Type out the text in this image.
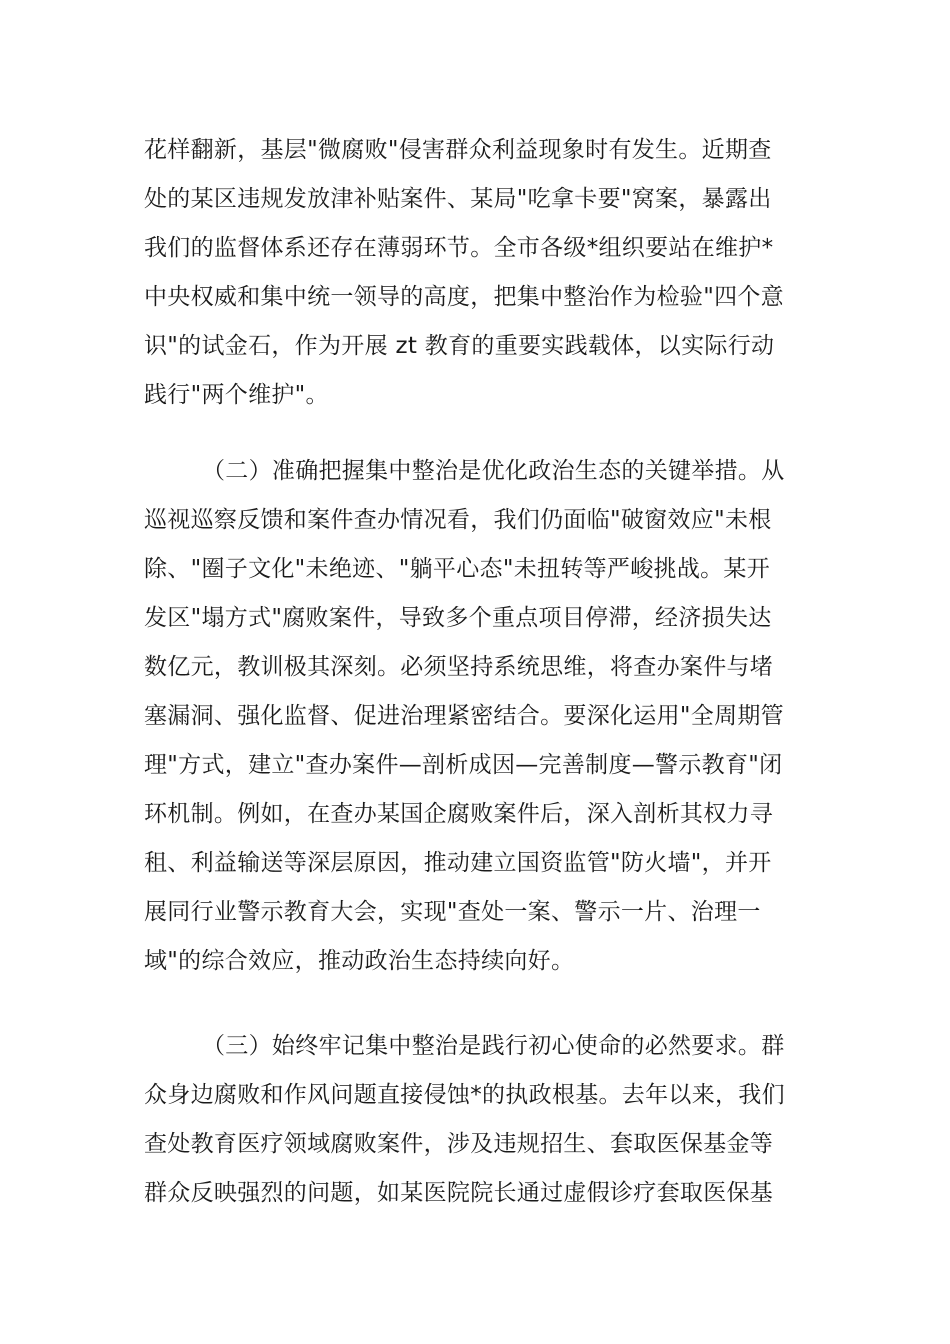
花样翻新，基层"微腐败"侵害群众利益现象时有发生。近期查
处的某区违规发放津补贴案件、某局"吃拿卡要"窝案，暴露出
我们的监督体系还存在薄弱环节。全市各级*组织要站在维护*
中央权威和集中统一领导的高度，把集中整治作为检验"四个意
识"的试金石，作为开展 zt 教育的重要实践载体，以实际行动
践行"两个维护"。
（二）准确把握集中整治是优化政治生态的关键举措。从
巡视巡察反馈和案件查办情况看，我们仍面临"破窗效应"未根
除、"圈子文化"未绝迹、"躺平心态"未扭转等严峻挑战。某开
发区"塌方式"腐败案件，导致多个重点项目停滞，经济损失达
数亿元，教训极其深刻。必须坚持系统思维，将查办案件与堵
塞漏洞、强化监督、促进治理紧密结合。要深化运用"全周期管
理"方式，建立"查办案件—剖析成因—完善制度—警示教育"闭
环机制。例如，在查办某国企腐败案件后，深入剖析其权力寻
租、利益输送等深层原因，推动建立国资监管"防火墙"，并开
展同行业警示教育大会，实现"查处一案、警示一片、治理一
域"的综合效应，推动政治生态持续向好。
（三）始终牢记集中整治是践行初心使命的必然要求。群
众身边腐败和作风问题直接侵蚀*的执政根基。去年以来，我们
查处教育医疗领域腐败案件，涉及违规招生、套取医保基金等
群众反映强烈的问题，如某医院院长通过虚假诊疗套取医保基
